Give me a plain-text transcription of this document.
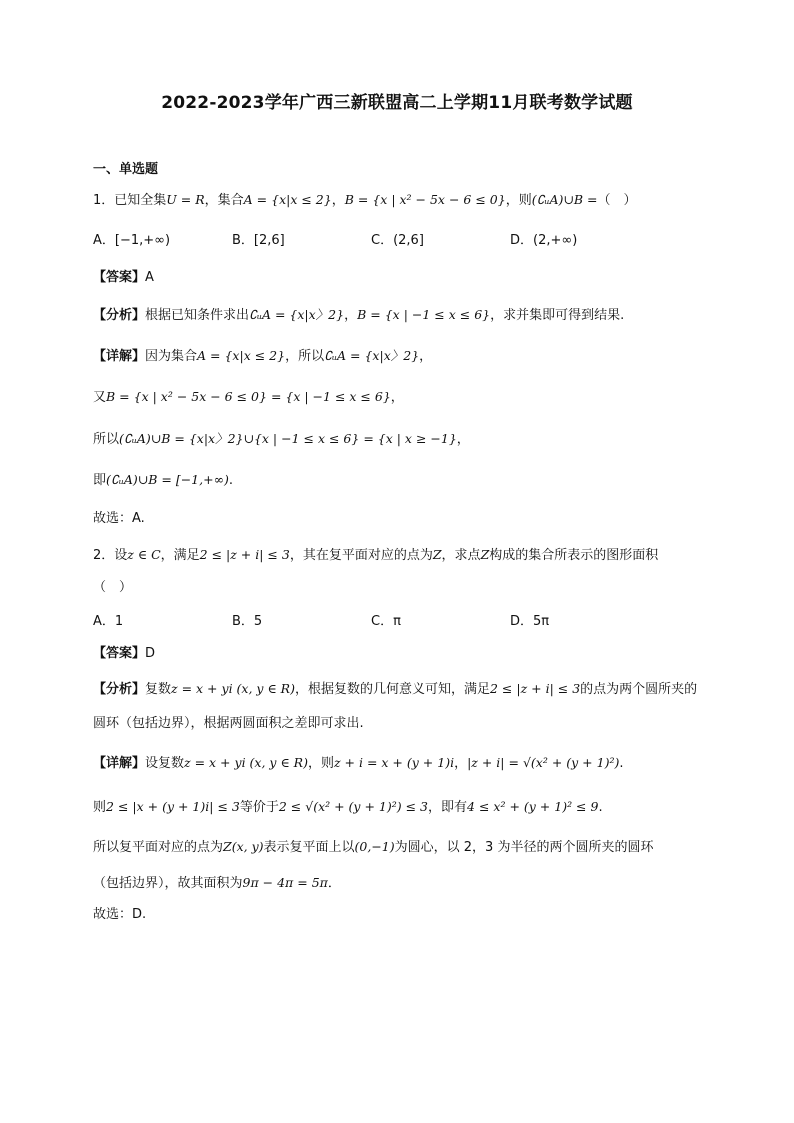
2022-2023学年广西三新联盟高二上学期11月联考数学试题
一、单选题
1．已知全集U = R，集合A = {x|x ≤ 2}，B = {x | x² − 5x − 6 ≤ 0}，则(∁ᵤA)∪B =（　）
A．[−1,+∞)	B．[2,6]	C．(2,6]	D．(2,+∞)
【答案】A
【分析】根据已知条件求出∁ᵤA = {x|x〉2}，B = {x | −1 ≤ x ≤ 6}，求并集即可得到结果.
【详解】因为集合A = {x|x ≤ 2}，所以∁ᵤA = {x|x〉2}，
又B = {x | x² − 5x − 6 ≤ 0} = {x | −1 ≤ x ≤ 6}，
所以(∁ᵤA)∪B = {x|x〉2}∪{x | −1 ≤ x ≤ 6} = {x | x ≥ −1}，
即(∁ᵤA)∪B = [−1,+∞).
故选：A.
2．设z ∈ C，满足2 ≤ |z + i| ≤ 3，其在复平面对应的点为Z，求点Z构成的集合所表示的图形面积
（　）
A．1	B．5	C．π	D．5π
【答案】D
【分析】复数z = x + yi (x, y ∈ R)，根据复数的几何意义可知，满足2 ≤ |z + i| ≤ 3的点为两个圆所夹的
圆环（包括边界），根据两圆面积之差即可求出.
【详解】设复数z = x + yi (x, y ∈ R)，则z + i = x + (y + 1)i，|z + i| = √(x² + (y + 1)²).
则2 ≤ |x + (y + 1)i| ≤ 3等价于2 ≤ √(x² + (y + 1)²) ≤ 3，即有4 ≤ x² + (y + 1)² ≤ 9.
所以复平面对应的点为Z(x, y)表示复平面上以(0,−1)为圆心，以 2，3 为半径的两个圆所夹的圆环
（包括边界），故其面积为9π − 4π = 5π．
故选：D.
